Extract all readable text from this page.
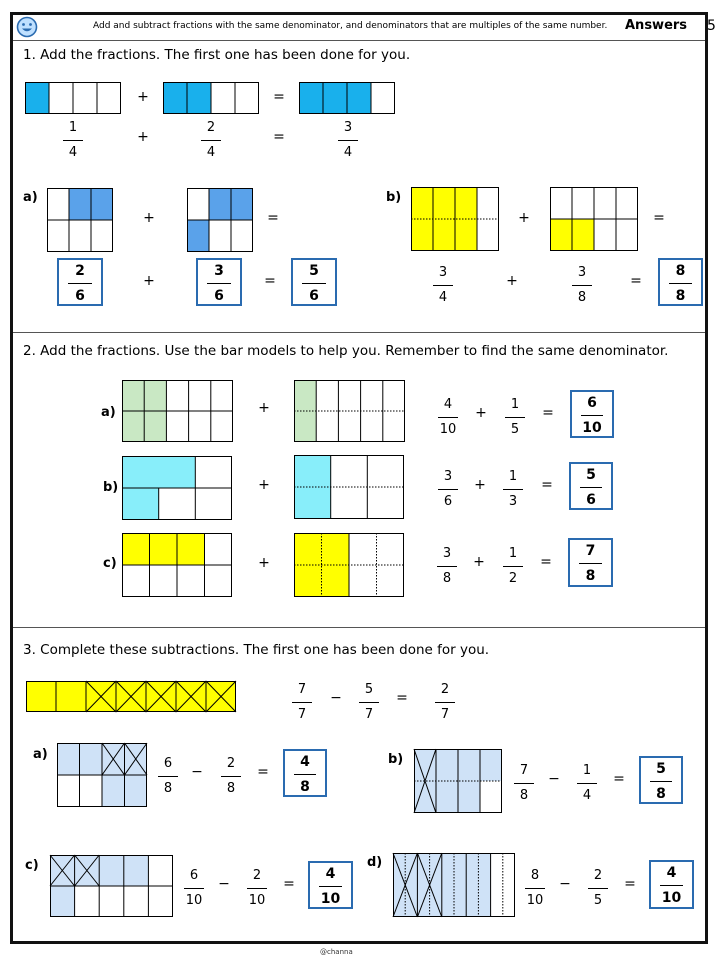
Add and subtract fractions with the same denominator, and denominators that are multiples of the same number. Answers 5
1. Add the fractions. The first one has been done for you.
+	=
1
4
+
2
4
=
3
4
a)
+	=
2
6
+
3
6
=
5
6
b)
+	=
3
4
+
3
8
=
8
8
2. Add the fractions. Use the bar models to help you. Remember to find the same denominator.
a)	+	4
10
+
1
5
=
6
10
b)	+
3
6
+
1
3
=
5
6
c)	+
3
8
+
1
2
=
7
8
3. Complete these subtractions. The first one has been done for you.
7
7
−
5
7
=
2
7
a)
6
8
−
2
8
=
4
8
b)
7
8
−
1
4
=
5
8
c)
6
10
−
2
10
=
4
10
d)
8
10
−
2
5
=
4
10
@channa
